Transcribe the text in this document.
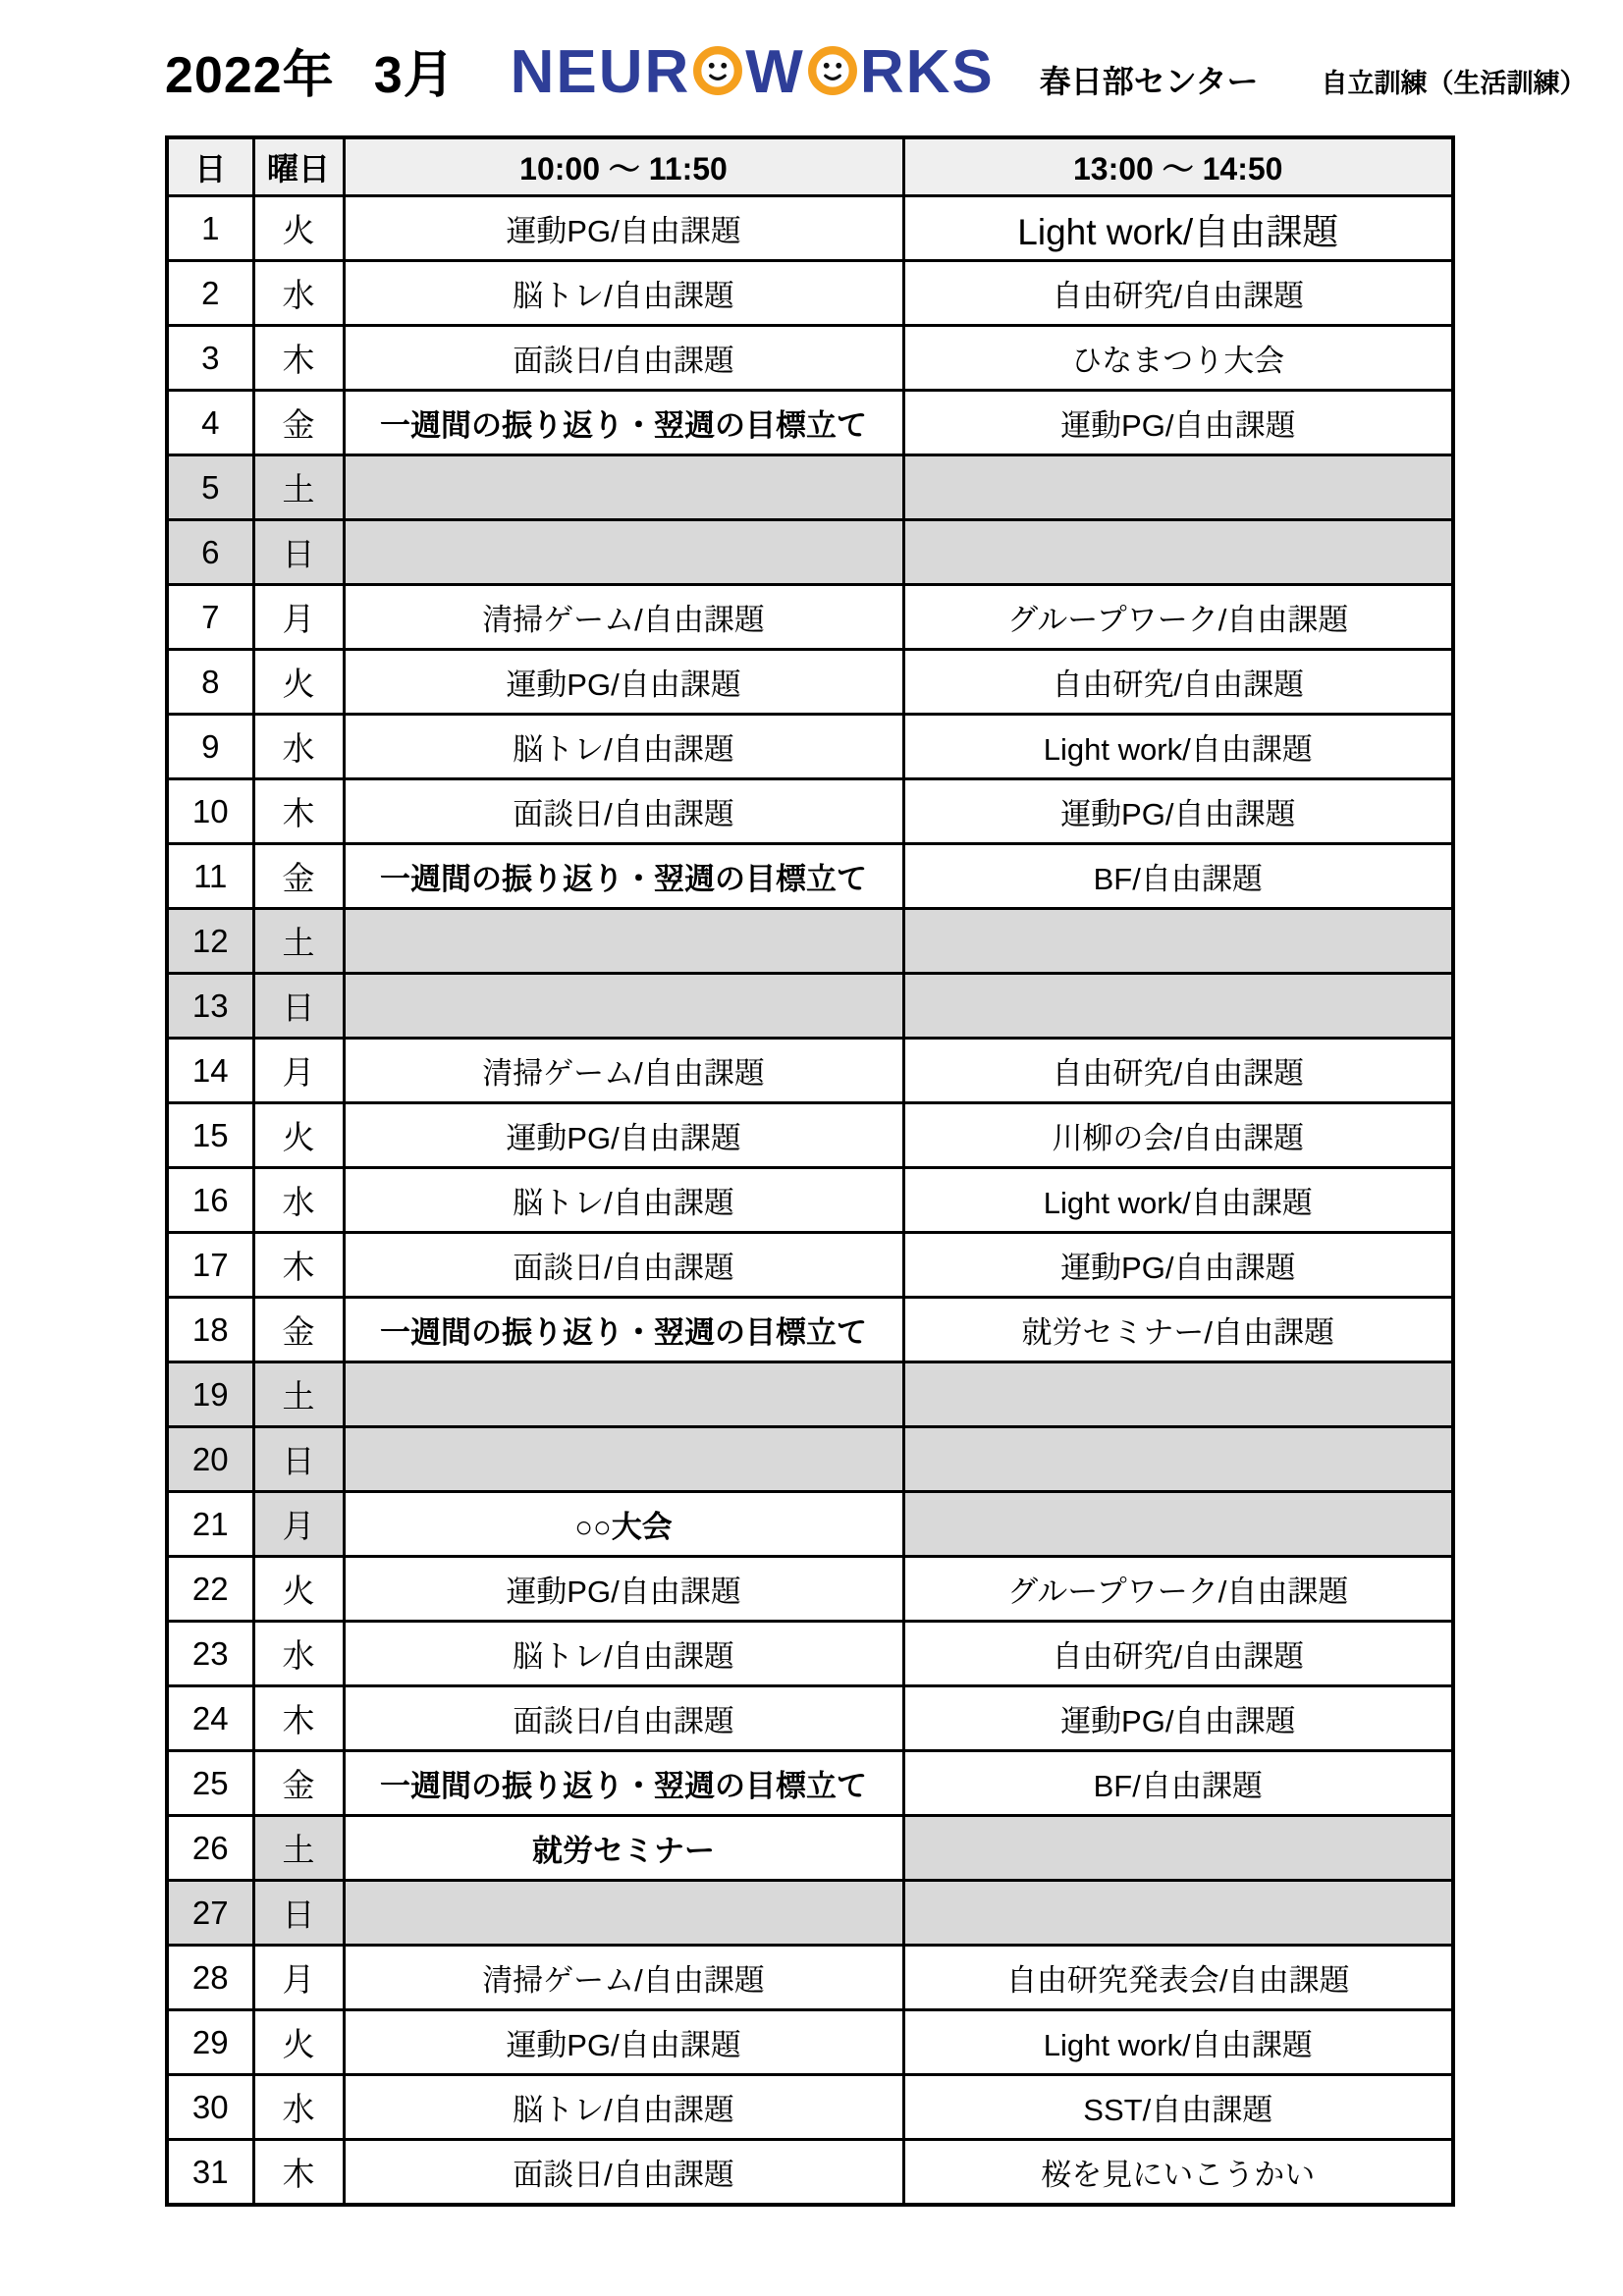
2022年 3月 NEUR W RKS 春日部センター 自立訓練（生活訓練）
日	曜日	10:00 ～ 11:50	13:00 ～ 14:50
1	火	運動PG/自由課題	Light work/自由課題
2	水	脳トレ/自由課題	自由研究/自由課題
3	木	面談日/自由課題	ひなまつり大会
4	金	一週間の振り返り・翌週の目標立て	運動PG/自由課題
5	土		
6	日		
7	月	清掃ゲーム/自由課題	グループワーク/自由課題
8	火	運動PG/自由課題	自由研究/自由課題
9	水	脳トレ/自由課題	Light work/自由課題
10	木	面談日/自由課題	運動PG/自由課題
11	金	一週間の振り返り・翌週の目標立て	BF/自由課題
12	土		
13	日		
14	月	清掃ゲーム/自由課題	自由研究/自由課題
15	火	運動PG/自由課題	川柳の会/自由課題
16	水	脳トレ/自由課題	Light work/自由課題
17	木	面談日/自由課題	運動PG/自由課題
18	金	一週間の振り返り・翌週の目標立て	就労セミナー/自由課題
19	土		
20	日		
21	月	○○大会	
22	火	運動PG/自由課題	グループワーク/自由課題
23	水	脳トレ/自由課題	自由研究/自由課題
24	木	面談日/自由課題	運動PG/自由課題
25	金	一週間の振り返り・翌週の目標立て	BF/自由課題
26	土	就労セミナー	
27	日		
28	月	清掃ゲーム/自由課題	自由研究発表会/自由課題
29	火	運動PG/自由課題	Light work/自由課題
30	水	脳トレ/自由課題	SST/自由課題
31	木	面談日/自由課題	桜を見にいこうかい
